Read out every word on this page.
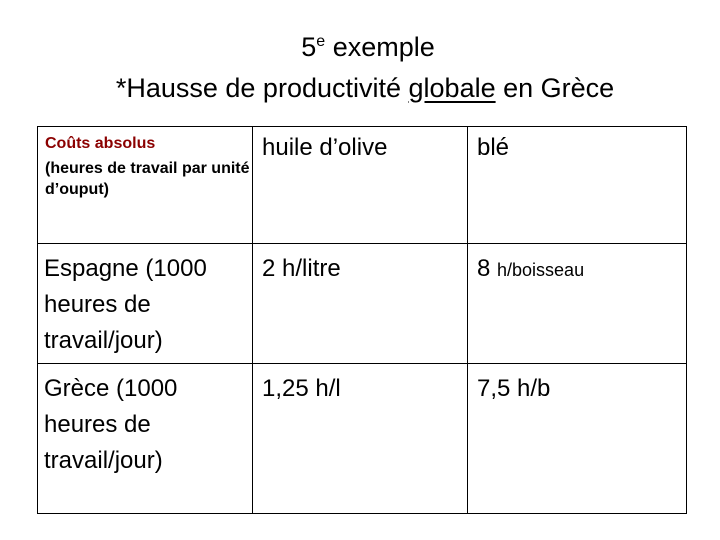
5e exemple
*Hausse de productivité globale en Grèce
Coûts absolus
(heures de travail par unité d’ouput)	huile d’olive	blé

Espagne (1000 heures de travail/jour)	2 h/litre	8 h/boisseau

Grèce (1000 heures de travail/jour)	1,25 h/l	7,5 h/b
